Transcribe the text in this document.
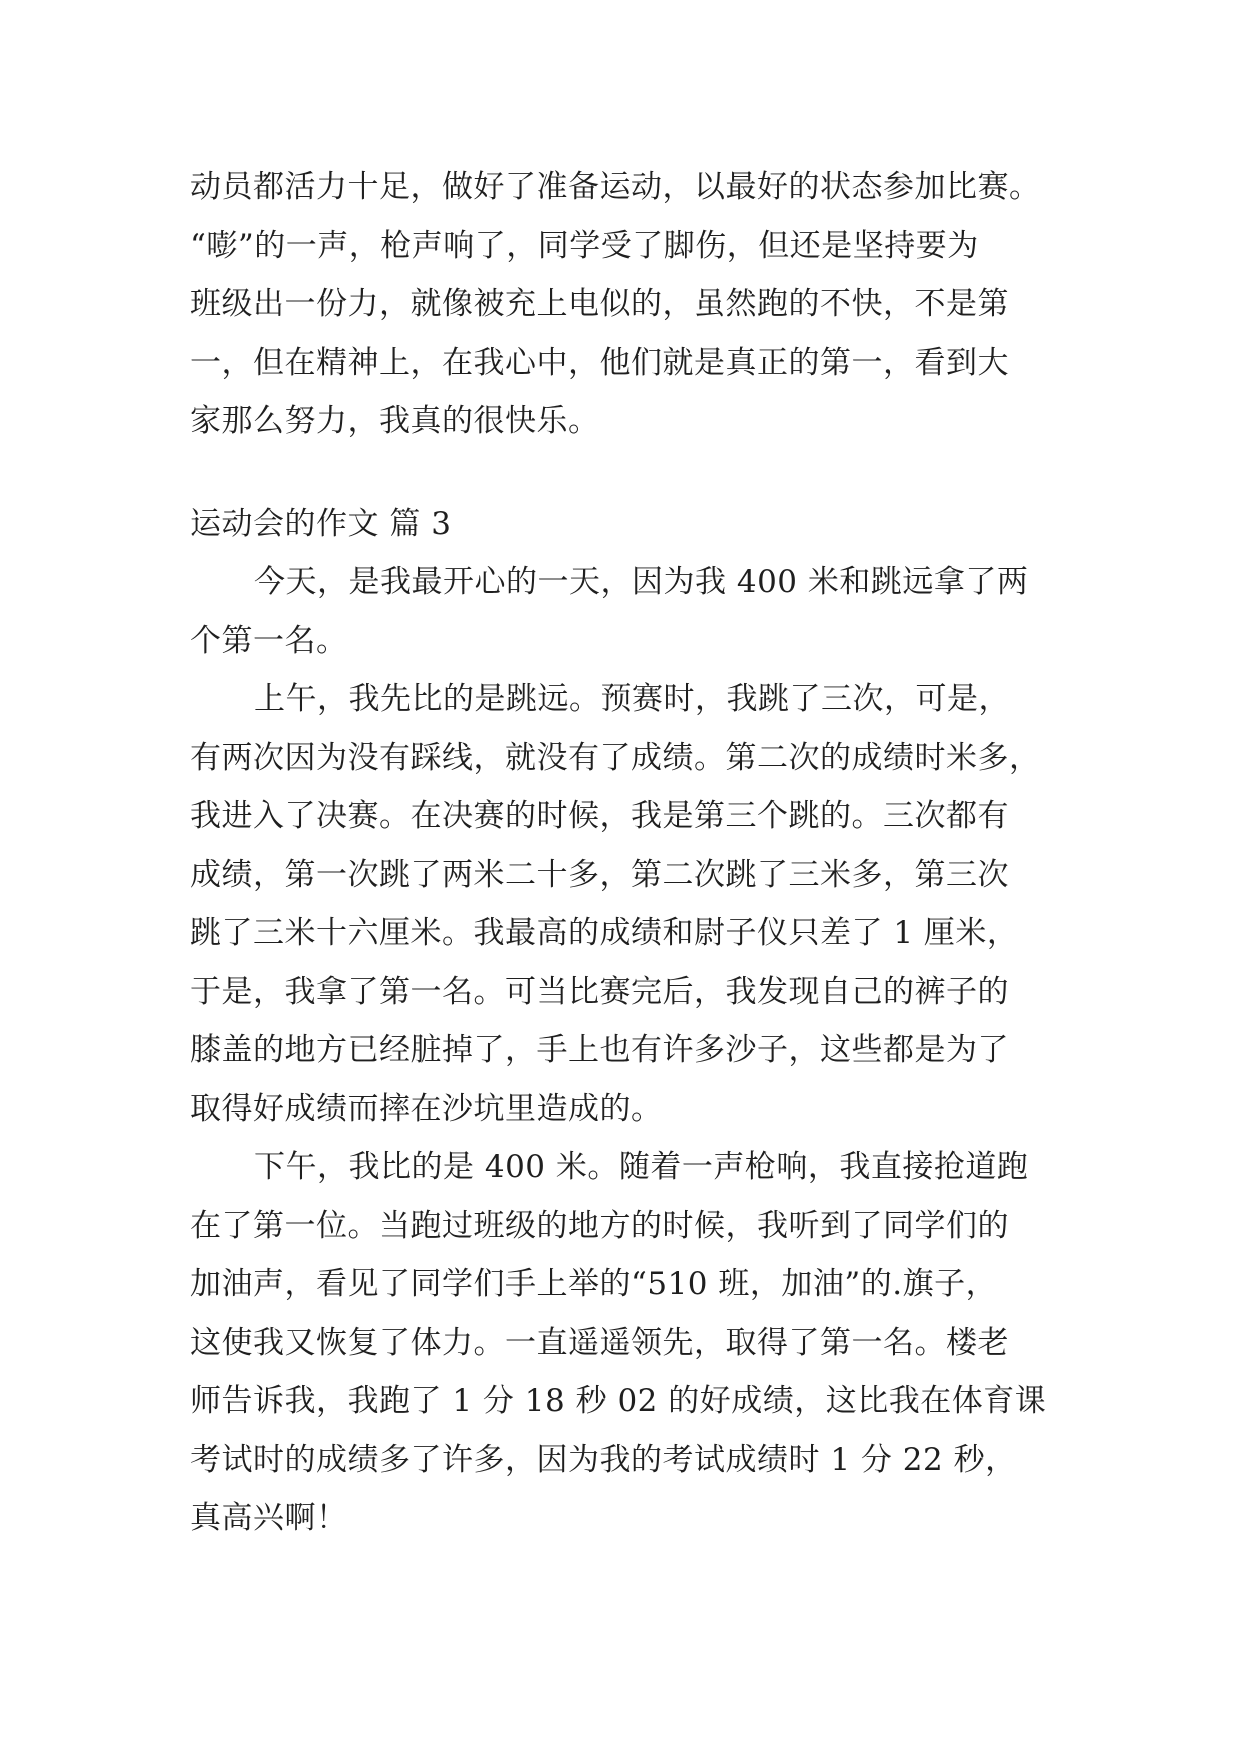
动员都活力十足，做好了准备运动，以最好的状态参加比赛。
“嘭”的一声，枪声响了，同学受了脚伤，但还是坚持要为
班级出一份力，就像被充上电似的，虽然跑的不快，不是第
一，但在精神上，在我心中，他们就是真正的第一，看到大
家那么努力，我真的很快乐。
运动会的作文 篇 3
今天，是我最开心的一天，因为我 400 米和跳远拿了两
个第一名。
上午，我先比的是跳远。预赛时，我跳了三次，可是，
有两次因为没有踩线，就没有了成绩。第二次的成绩时米多，
我进入了决赛。在决赛的时候，我是第三个跳的。三次都有
成绩，第一次跳了两米二十多，第二次跳了三米多，第三次
跳了三米十六厘米。我最高的成绩和尉子仪只差了 1 厘米，
于是，我拿了第一名。可当比赛完后，我发现自己的裤子的
膝盖的地方已经脏掉了，手上也有许多沙子，这些都是为了
取得好成绩而摔在沙坑里造成的。
下午，我比的是 400 米。随着一声枪响，我直接抢道跑
在了第一位。当跑过班级的地方的时候，我听到了同学们的
加油声，看见了同学们手上举的“510 班，加油”的.旗子，
这使我又恢复了体力。一直遥遥领先，取得了第一名。楼老
师告诉我，我跑了 1 分 18 秒 02 的好成绩，这比我在体育课
考试时的成绩多了许多，因为我的考试成绩时 1 分 22 秒，
真高兴啊！
